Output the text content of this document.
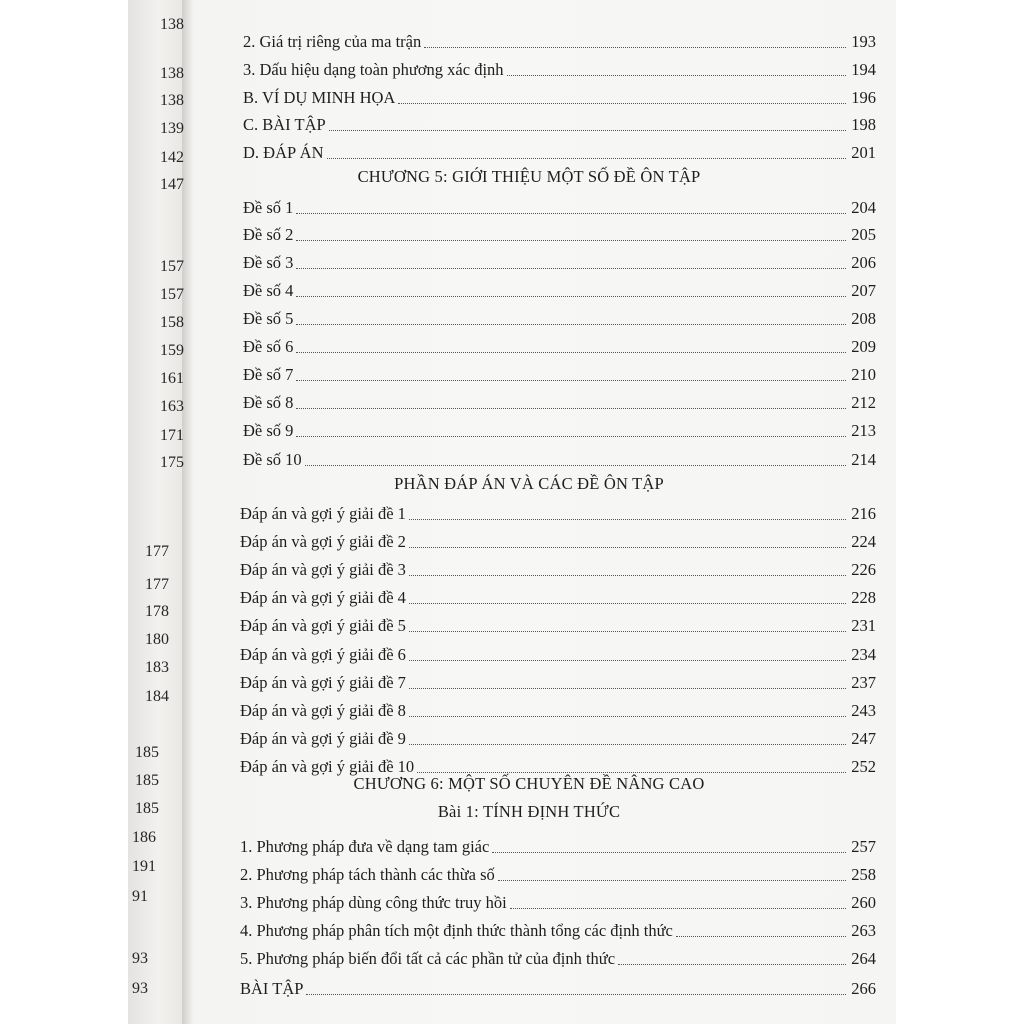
138
138
138
139
142
147
157
157
158
159
161
163
171
175
177
177
178
180
183
184
185
185
185
186
191
91
93
93
2. Giá trị riêng của ma trận	193
3. Dấu hiệu dạng toàn phương xác định	194
B. VÍ DỤ MINH HỌA	196
C. BÀI TẬP	198
D. ĐÁP ÁN	201
CHƯƠNG 5: GIỚI THIỆU MỘT SỐ ĐỀ ÔN TẬP
Đề số 1	204
Đề số 2	205
Đề số 3	206
Đề số 4	207
Đề số 5	208
Đề số 6	209
Đề số 7	210
Đề số 8	212
Đề số 9	213
Đề số 10	214
PHẦN ĐÁP ÁN VÀ CÁC ĐỀ ÔN TẬP
Đáp án và gợi ý giải đề 1	216
Đáp án và gợi ý giải đề 2	224
Đáp án và gợi ý giải đề 3	226
Đáp án và gợi ý giải đề 4	228
Đáp án và gợi ý giải đề 5	231
Đáp án và gợi ý giải đề 6	234
Đáp án và gợi ý giải đề 7	237
Đáp án và gợi ý giải đề 8	243
Đáp án và gợi ý giải đề 9	247
Đáp án và gợi ý giải đề 10	252
CHƯƠNG 6: MỘT SỐ CHUYÊN ĐỀ NÂNG CAO
Bài 1: TÍNH ĐỊNH THỨC
1. Phương pháp đưa về dạng tam giác	257
2. Phương pháp tách thành các thừa số	258
3. Phương pháp dùng công thức truy hồi	260
4. Phương pháp phân tích một định thức thành tổng các định thức	263
5. Phương pháp biến đổi tất cả các phần tử của định thức	264
BÀI TẬP	266
